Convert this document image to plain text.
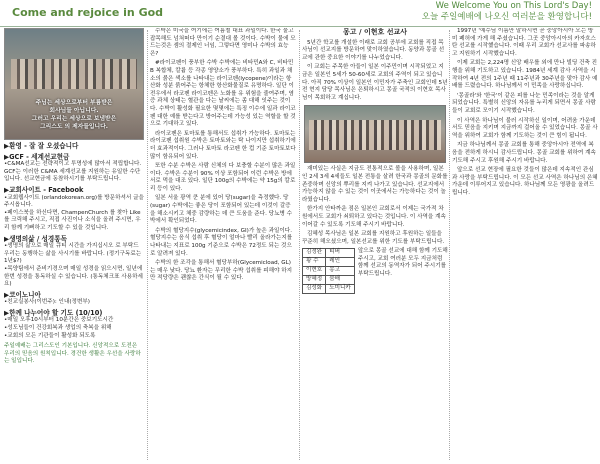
Come and rejoice in God	We Welcome You on This Lord's Day!
오늘 주일예배에 나오신 여러분을 환영합니다!
주님는 세상으로부터 부름받은
회사님들 아닙니다.
그러고 우리는 세상으로 보냄받은
그리스도 의 제자들입니다.
▶환영 - 잘 잘 오셨습니다
▶GCF - 세계선교현금
•C&MA선교는 전략적이고 투명성에 많아서 적립합니다. GCF는 이러한 C&MA 세계선교를 지원하는 유일한 수단입니다. 선교현금에 동참하시기를 부탁드립니다.
▶교회사이트 - Facebook
•교회웹사이트 (orlandokorean.org)를 방문하셔서 글을 주시옵니다.
•페이스북을 하신다면, ChampenChurch 를 찾아 Like를 크릭해 주시고, 직접 사진이나 소식을 올려 주시면, 우리 함께 기뻐하고 기도할 수 있을 것입니다.
▶생명의삶 / 성경통독
•생명의 삶으로 매일 큐티 시간을 가지십시오 로 부탁드 우리는 동행하는 삶을 사시기를 바랍니다. (정기구독료는 1년$?)
•목양팀에서 준비기경으며 매일 성경을 읽으시면, 일년에 한번 성경을 통독하실 수 있습니다. (통독체크표 사용하세요)
▶코이노니아
•친교실봉사(이번주): 인내(정변부)
▶한께 나누어야 할 기도 (10/10)
•매일 오후10시부터 10분간은 중보기도시간
•성도님들이 건강회복과 생업의 축복을 위해
•교회의 모든 기관들이 활성화 되도록
주일예배는 그리스도인 기본입니다. 신앙적으로 도전은 우리의 믿음의 원칙입니다. 경건한 생활은 우선을 사랑하는 일입니다.

수박은 미국을 여기에는 여름철 대표 과일이다. 한국 물고 잡목해도 넘쳐떠다 만이기 순결대 볼 것이다. 수박이 물에 모드는것은 셈의 절제인 너임, 그렇다면 영미나 수박의 효능은?

#라이코펜이 풍부한 수박 수박에는 비타민A와 C, 비타민 B 복합체, 칼륨 등 각종 영양소가 풍부하다. 특히 과일과 채소의 붉은 색소를 나타내는 라이코펜(lycopene)이라는 항산화 성분 붉어주는 항체한 항산화물질로 유명하다. 일단 이 전우에서 라코펜 라이코펜은 노화를 유 위험을 줄여주며, 염증 과체 상태는 혈관을 다는 날씨에는 좀 대해 잇주는 것이다. 수박이 활성화 필요한 몇몇에는 특징 이수에 일과 라이코펜 대한 예를 받는다고 방어주는데 가능성 있는 역할을 할 것으로 기대하고 있다.

라이코펜은 토마토를 통해서도 섭취가 가능하다. 토마토는 라이코펜 섭취원 수박은 토마토와는 탁 나이지만 섭취하기에 더 효과적이다. 그러나 토마토 라코펜 한 컵 기준 토마토보다 많이 함유되어 있다.

또한 수분 수박은 사람 신체의 다 보충할 수분이 많은 과일이다. 수박은 수분이 90% 이상 포함되어 이런 수박은 방에 서로 먹을 대조 있다. 일단 100g의 수박에는 약 15g의 칼로리 등이 있다.

일본 서울 광역 쿤 분에 있어 당(sugar)을 측정했다. 당(sugar) 수박에는 좋은 당이 포함되어 있는데 이것이 갈증을 해소시키고 체중 감량하는 데 큰 도움을 준다. 당뇨병 수박에서 확인되었다.

수박의 혈당지수(glycemicindex, GI)가 높은 과일이다. 혈당지수는 음식 섭취 후 혈당이 얼마나 빨리 올라가는지를 나타내는 지표로 100g 기준으로 수박은 72정도 되는 것으로 알려져 있다.

수박의 한 조각을 통해서 혈당부하(Glycemicload, GL)는 매우 낮다. 당뇨 환자는 무리한 수박 섭취를 피해야 하지만 적당량은 괜찮은 간식이 될 수 있다.

몽고 / 이현호 선교사

5년간 학교를 개설한 이래로 교회 공부에 교회를 직접 목사님이 선교지를 방문하여 맞이하였습니다. 동양과 몽골 선교에 관한 중요한 이야기를 나누었습니다.

이 교회는 주목한 아들이 일본 이주민이며 시작되었고 지금은 일본인 5세가 50-60세로 교회의 주역이 되고 있습니다. 아직 70% 이상이 일본인 이민자가 주축인 교회인데 5년전 현지 담당 목사님은 은퇴하시고 몽골 국적의 이현호 목사님이 목회하고 계십니다.

재미있는 사실은 지금도 전통적으로 볼을 사용하며, 일본인 2세 3세 4세들도 일본 전통을 살려 한국과 몽골의 문화를 존중하며 신앙의 뿌리를 지켜 나가고 있습니다. 선교지에서 가능하지 않을 수 있는 것이 이곳에서는 가능하다는 것이 놀라웠습니다.

한가지 안타까운 점은 일본인 교회로서 이제는 국가적 차원에서도 교회가 쇠퇴하고 있다는 것입니다. 이 사역을 계속 이어갈 수 있도록 기도해 주시기 바랍니다.

김혜성 목사님은 일본 교회를 지원하고 후원하는 일들을 꾸준히 해오셨으며, 일본선교를 위한 기도를 부탁드립니다.

김정완	티버
황 수	레인
이현호	몽고
방혜정	뭄배
김성화	도미니카
앞으로 몽골 선교에 대해 함께 기도해 주시고, 교회 여러분 모두 지금처럼 함께 선교의 동역자가 되어 주시기를 부탁드립니다.

1997년 '예수님 이름만 말하시면 곧 중앙아시아 오는 방미 폐허에 가게 해 주셨습니다. 그곳 중앙아시아의 카자흐스탄 선교를 시작했습니다. 이때 우리 교회가 선교사를 파송하고 지원하기 시작했습니다.

이제 교회는 2,224명 신앙 배우를 외에 만나 빌딩 건축 진행을 위해 기도하고 있습니다. 1984년 세계 감사 사역을 시작하여 4년 전의 1주년 때 11주년과 30주년을 맞아 감사 예배를 드렸습니다. 하나님께서 이 민족을 사랑하십니다.

'몽골라'와 '한국'이 같은 피를 나눈 민족이라는 것을 알게 되었습니다. 특별히 신앙의 자유를 누리게 되면서 몽골 사람들이 교회로 모이기 시작했습니다.

이 사역은 하나님이 불러 시작하신 일이며, 어려움 가운데서도 믿음을 지키며 지금까지 걸어올 수 있었습니다. 몽골 사역을 위하여 교회가 함께 기도하는 것이 큰 힘이 됩니다.

지금 하나님께서 몽골 교회를 통해 중앙아시아 전역에 복음을 전하게 하시니 감사드립니다. 몽골 교회를 위하여 계속 기도해 주시고 후원해 주시기 바랍니다.

앞으로 선교 현장에 필요한 것들이 많은데 지속적인 관심과 사랑을 부탁드립니다. 이 모든 선교 사역은 하나님의 은혜 가운데 이루어지고 있습니다. 하나님께 모든 영광을 올려드립니다.
